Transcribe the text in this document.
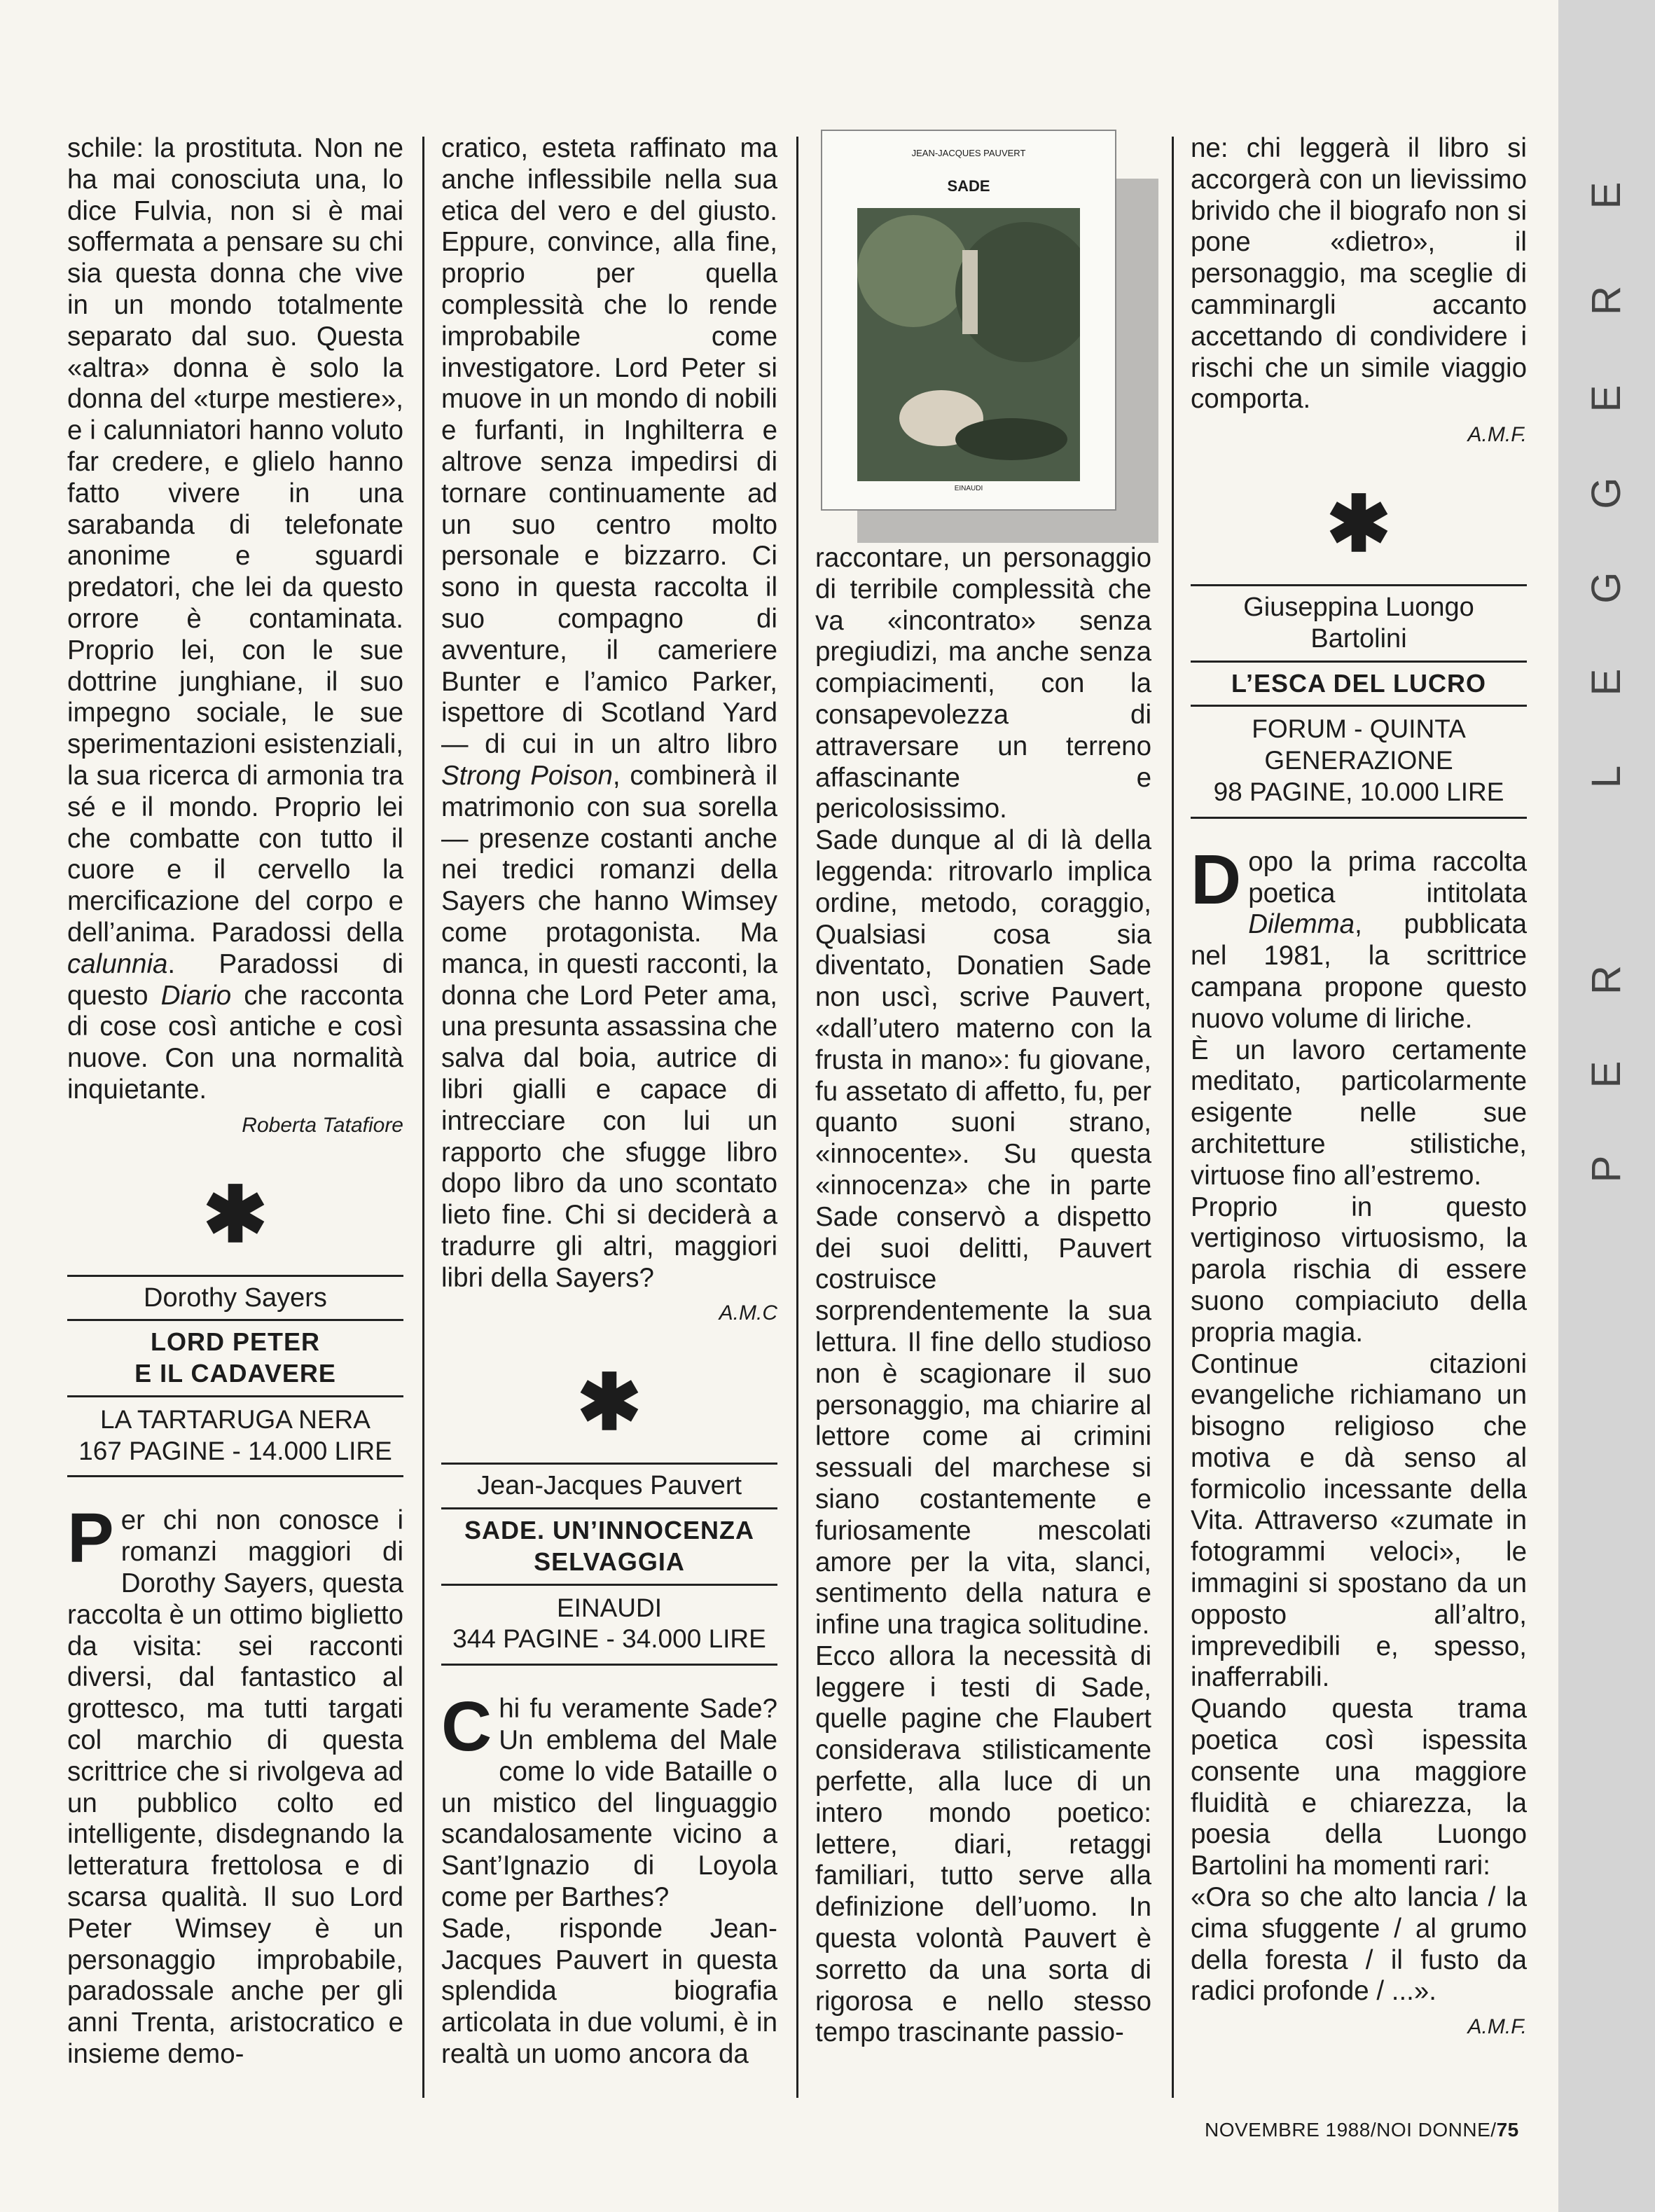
P
E
R
L
E
G
G
E
R
E

schile: la prostituta. Non ne ha mai conosciuta una, lo dice Fulvia, non si è mai soffermata a pensare su chi sia questa donna che vive in un mondo totalmente separato dal suo. Questa «altra» donna è solo la donna del «turpe mestiere», e i calunniatori hanno voluto far credere, e glielo hanno fatto vivere in una sarabanda di telefonate anonime e sguardi predatori, che lei da questo orrore è contaminata. Proprio lei, con le sue dottrine junghiane, il suo impegno sociale, le sue sperimentazioni esistenziali, la sua ricerca di armonia tra sé e il mondo. Proprio lei che combatte con tutto il cuore e il cervello la mercificazione del corpo e dell’anima. Paradossi della calunnia. Paradossi di questo Diario che racconta di cose così antiche e così nuove. Con una normalità inquietante.

Roberta Tatafiore
✱
Dorothy Sayers
LORD PETER
E IL CADAVERE
LA TARTARUGA NERA
167 PAGINE - 14.000 LIRE

Per chi non conosce i romanzi maggiori di Dorothy Sayers, questa raccolta è un ottimo biglietto da visita: sei racconti diversi, dal fantastico al grottesco, ma tutti targati col marchio di questa scrittrice che si rivolgeva ad un pubblico colto ed intelligente, disdegnando la letteratura frettolosa e di scarsa qualità. Il suo Lord Peter Wimsey è un personaggio improbabile, paradossale anche per gli anni Trenta, aristocratico e insieme demo-

cratico, esteta raffinato ma anche inflessibile nella sua etica del vero e del giusto. Eppure, convince, alla fine, proprio per quella complessità che lo rende improbabile come investigatore. Lord Peter si muove in un mondo di nobili e furfanti, in Inghilterra e altrove senza impedirsi di tornare continuamente ad un suo centro molto personale e bizzarro. Ci sono in questa raccolta il suo compagno di avventure, il cameriere Bunter e l’amico Parker, ispettore di Scotland Yard — di cui in un altro libro Strong Poison, combinerà il matrimonio con sua sorella — presenze costanti anche nei tredici romanzi della Sayers che hanno Wimsey come protagonista. Ma manca, in questi racconti, la donna che Lord Peter ama, una presunta assassina che salva dal boia, autrice di libri gialli e capace di intrecciare con lui un rapporto che sfugge libro dopo libro da uno scontato lieto fine. Chi si deciderà a tradurre gli altri, maggiori libri della Sayers?

A.M.C
✱
Jean-Jacques Pauvert
SADE. UN’INNOCENZA
SELVAGGIA
EINAUDI
344 PAGINE - 34.000 LIRE

Chi fu veramente Sade? Un emblema del Male come lo vide Bataille o un mistico del linguaggio scandalosamente vicino a Sant’Ignazio di Loyola come per Barthes?

Sade, risponde Jean-Jacques Pauvert in questa splendida biografia articolata in due volumi, è in realtà un uomo ancora da

JEAN-JACQUES PAUVERT
SADE
EINAUDI

raccontare, un personaggio di terribile complessità che va «incontrato» senza pregiudizi, ma anche senza compiacimenti, con la consapevolezza di attraversare un terreno affascinante e pericolosissimo.

Sade dunque al di là della leggenda: ritrovarlo implica ordine, metodo, coraggio, Qualsiasi cosa sia diventato, Donatien Sade non uscì, scrive Pauvert, «dall’utero materno con la frusta in mano»: fu giovane, fu assetato di affetto, fu, per quanto suoni strano, «innocente». Su questa «innocenza» che in parte Sade conservò a dispetto dei suoi delitti, Pauvert costruisce sorprendentemente la sua lettura. Il fine dello studioso non è scagionare il suo personaggio, ma chiarire al lettore come ai crimini sessuali del marchese si siano costantemente e furiosamente mescolati amore per la vita, slanci, sentimento della natura e infine una tragica solitudine.

Ecco allora la necessità di leggere i testi di Sade, quelle pagine che Flaubert considerava stilisticamente perfette, alla luce di un intero mondo poetico: lettere, diari, retaggi familiari, tutto serve alla definizione dell’uomo. In questa volontà Pauvert è sorretto da una sorta di rigorosa e nello stesso tempo trascinante passio-

ne: chi leggerà il libro si accorgerà con un lievissimo brivido che il biografo non si pone «dietro», il personaggio, ma sceglie di camminargli accanto accettando di condividere i rischi che un simile viaggio comporta.

A.M.F.
✱
Giuseppina Luongo
Bartolini
L’ESCA DEL LUCRO
FORUM - QUINTA
GENERAZIONE
98 PAGINE, 10.000 LIRE

Dopo la prima raccolta poetica intitolata Dilemma, pubblicata nel 1981, la scrittrice campana propone questo nuovo volume di liriche.

È un lavoro certamente meditato, particolarmente esigente nelle sue architetture stilistiche, virtuose fino all’estremo.

Proprio in questo vertiginoso virtuosismo, la parola rischia di essere suono compiaciuto della propria magia.

Continue citazioni evangeliche richiamano un bisogno religioso che motiva e dà senso al formicolio incessante della Vita. Attraverso «zumate in fotogrammi veloci», le immagini si spostano da un opposto all’altro, imprevedibili e, spesso, inafferrabili.

Quando questa trama poetica così ispessita consente una maggiore fluidità e chiarezza, la poesia della Luongo Bartolini ha momenti rari:

«Ora so che alto lancia / la cima sfuggente / al grumo della foresta / il fusto da radici profonde / ...».

A.M.F.
NOVEMBRE 1988/NOI DONNE/75
